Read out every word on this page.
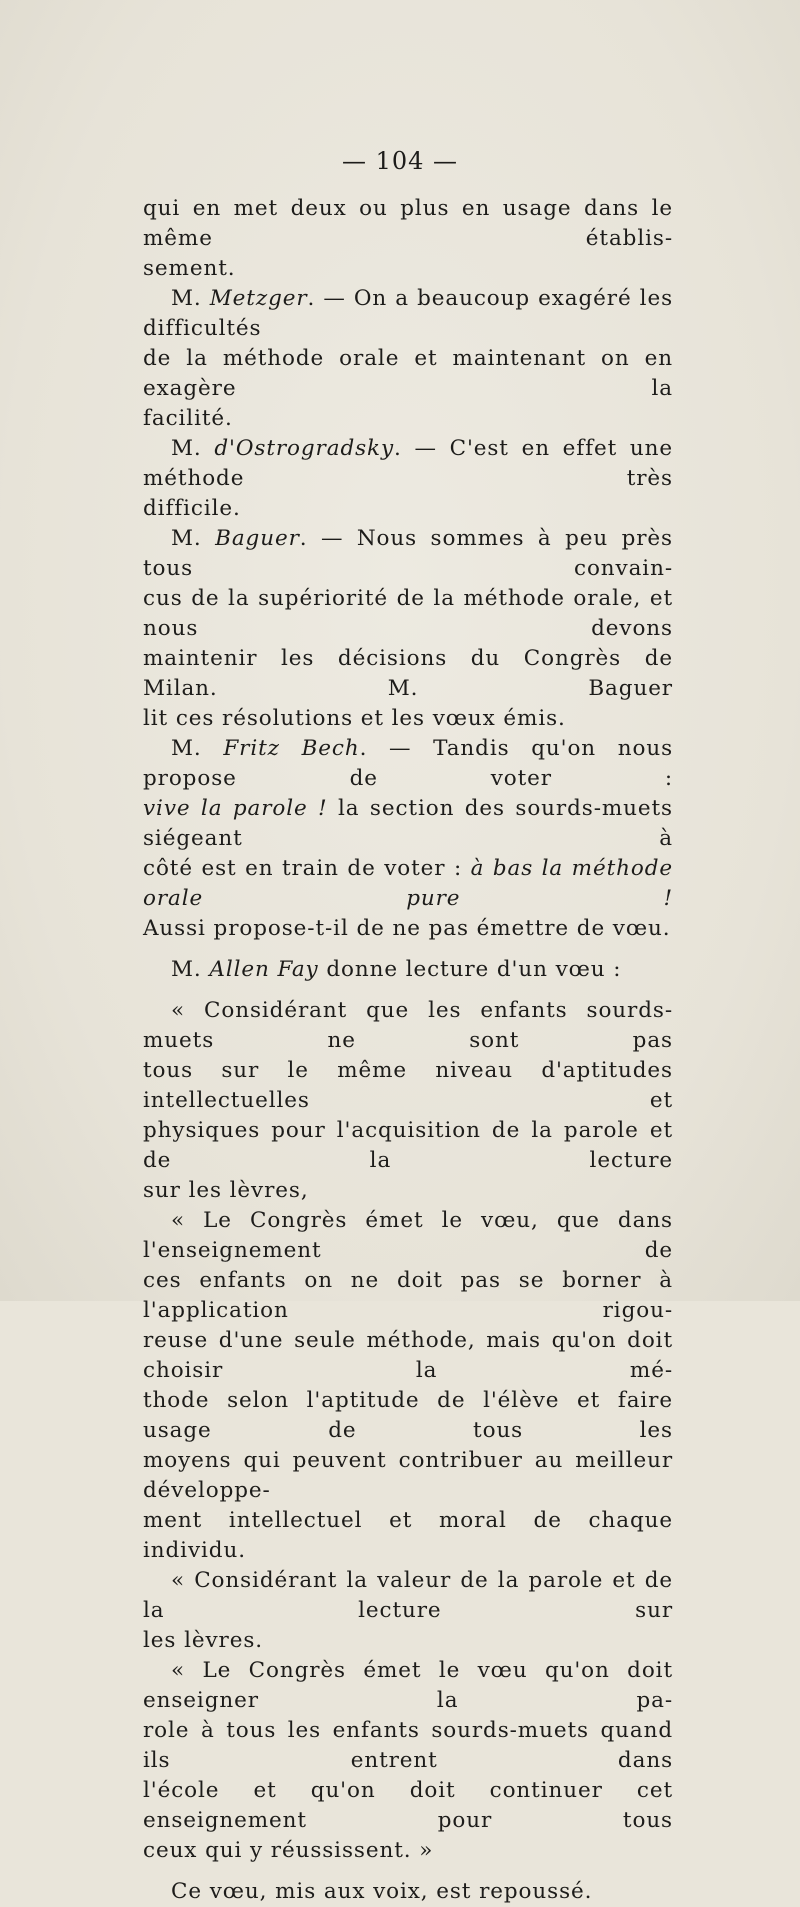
— 104 —

qui en met deux ou plus en usage dans le même établis-
sement.

M. Metzger. — On a beaucoup exagéré les difficultés
de la méthode orale et maintenant on en exagère la
facilité.

M. d'Ostrogradsky. — C'est en effet une méthode très
difficile.

M. Baguer. — Nous sommes à peu près tous convain-
cus de la supériorité de la méthode orale, et nous devons
maintenir les décisions du Congrès de Milan. M. Baguer
lit ces résolutions et les vœux émis.

M. Fritz Bech. — Tandis qu'on nous propose de voter :
vive la parole ! la section des sourds-muets siégeant à
côté est en train de voter : à bas la méthode orale pure !
Aussi propose-t-il de ne pas émettre de vœu.

M. Allen Fay donne lecture d'un vœu :

« Considérant que les enfants sourds-muets ne sont pas
tous sur le même niveau d'aptitudes intellectuelles et
physiques pour l'acquisition de la parole et de la lecture
sur les lèvres,

« Le Congrès émet le vœu, que dans l'enseignement de
ces enfants on ne doit pas se borner à l'application rigou-
reuse d'une seule méthode, mais qu'on doit choisir la mé-
thode selon l'aptitude de l'élève et faire usage de tous les
moyens qui peuvent contribuer au meilleur développe-
ment intellectuel et moral de chaque individu.

« Considérant la valeur de la parole et de la lecture sur
les lèvres.

« Le Congrès émet le vœu qu'on doit enseigner la pa-
role à tous les enfants sourds-muets quand ils entrent dans
l'école et qu'on doit continuer cet enseignement pour tous
ceux qui y réussissent. »

Ce vœu, mis aux voix, est repoussé.
